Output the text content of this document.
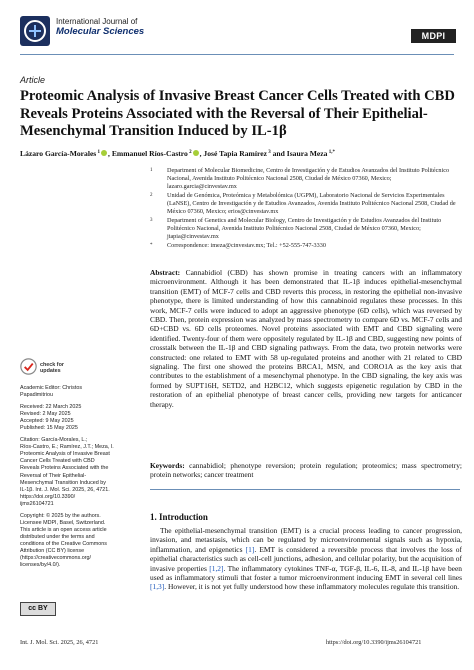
International Journal of
Molecular Sciences	MDPI
Article
Proteomic Analysis of Invasive Breast Cancer Cells Treated with CBD Reveals Proteins Associated with the Reversal of Their Epithelial-Mesenchymal Transition Induced by IL-1β
Lázaro García-Morales $^1$ , Emmanuel Ríos-Castro $^2$ , José Tapia Ramírez $^3$ and Isaura Meza $^{1,*}$
1 Department of Molecular Biomedicine, Centro de Investigación y de Estudios Avanzados del Instituto Politécnico Nacional, Avenida Instituto Politécnico Nacional 2508, Ciudad de México 07360, Mexico; lazaro.garcia@cinvestav.mx
2 Unidad de Genómica, Proteómica y Metabolómica (UGPM), Laboratorio Nacional de Servicios Experimentales (LaNSE), Centro de Investigación y de Estudios Avanzados, Avenida Instituto Politécnico Nacional 2508, Ciudad de México 07360, Mexico; erios@cinvestav.mx
3 Department of Genetics and Molecular Biology, Centro de Investigación y de Estudios Avanzados del Instituto Politécnico Nacional, Avenida Instituto Politécnico Nacional 2508, Ciudad de México 07360, Mexico; jtapia@cinvestav.mx
* Correspondence: imeza@cinvestav.mx; Tel.: +52-555-747-3330
check for
updates
Academic Editor: Christos
Papadimitriou
Received: 22 March 2025
Revised: 2 May 2025
Accepted: 9 May 2025
Published: 15 May 2025
Citation: García-Morales, L.;
Ríos-Castro, E.; Ramírez, J.T.; Meza, I.
Proteomic Analysis of Invasive Breast
Cancer Cells Treated with CBD
Reveals Proteins Associated with the
Reversal of Their Epithelial-
Mesenchymal Transition Induced by
IL-1β. Int. J. Mol. Sci. 2025, 26, 4721.
https://doi.org/10.3390/
ijms26104721
Copyright: © 2025 by the authors.
Licensee MDPI, Basel, Switzerland.
This article is an open access article
distributed under the terms and
conditions of the Creative Commons
Attribution (CC BY) license
(https://creativecommons.org/
licenses/by/4.0/).
cc BY
Abstract: Cannabidiol (CBD) has shown promise in treating cancers with an inflammatory microenvironment. Although it has been demonstrated that IL-1β induces epithelial-mesenchymal transition (EMT) of MCF-7 cells and CBD reverts this process, in restoring the epithelial non-invasive phenotype, there is limited understanding of how this cannabinoid regulates these processes. In this work, MCF-7 cells were induced to adopt an aggressive phenotype (6D cells), which was reversed by CBD. Then, protein expression was analyzed by mass spectrometry to compare 6D vs. MCF-7 cells and 6D+CBD vs. 6D cells proteomes. Novel proteins associated with EMT and CBD signaling were identified. Twenty-four of them were oppositely regulated by IL-1β and CBD, suggesting new points of crosstalk between the IL-1β and CBD signaling pathways. From the data, two protein networks were constructed: one related to EMT with 58 up-regulated proteins and another with 21 related to CBD signaling. The first one showed the proteins BRCA1, MSN, and CORO1A as the key axis that contributes to the establishment of a mesenchymal phenotype. In the CBD signaling, the key axis was formed by SUPT16H, SETD2, and H2BC12, which suggests epigenetic regulation by CBD in the restoration of an epithelial phenotype of breast cancer cells, providing new targets for anticancer therapy.
Keywords: cannabidiol; phenotype reversion; protein regulation; proteomics; mass spectrometry; protein networks; cancer treatment
1. Introduction
The epithelial-mesenchymal transition (EMT) is a crucial process leading to cancer progression, invasion, and metastasis, which can be regulated by microenvironmental signals such as hypoxia, inflammation, and epigenetics [1]. EMT is considered a reversible process that involves the loss of epithelial characteristics such as cell-cell junctions, adhesion, and cellular polarity, but the acquisition of invasive properties [1,2]. The inflammatory cytokines TNF-α, TGF-β, IL-6, IL-8, and IL-1β have been used as inflammatory stimuli that foster a tumor microenvironment inducing EMT in several cell lines [1,3]. However, it is not yet fully understood how these inflammatory molecules regulate this transition.
Int. J. Mol. Sci. 2025, 26, 4721	https://doi.org/10.3390/ijms26104721
